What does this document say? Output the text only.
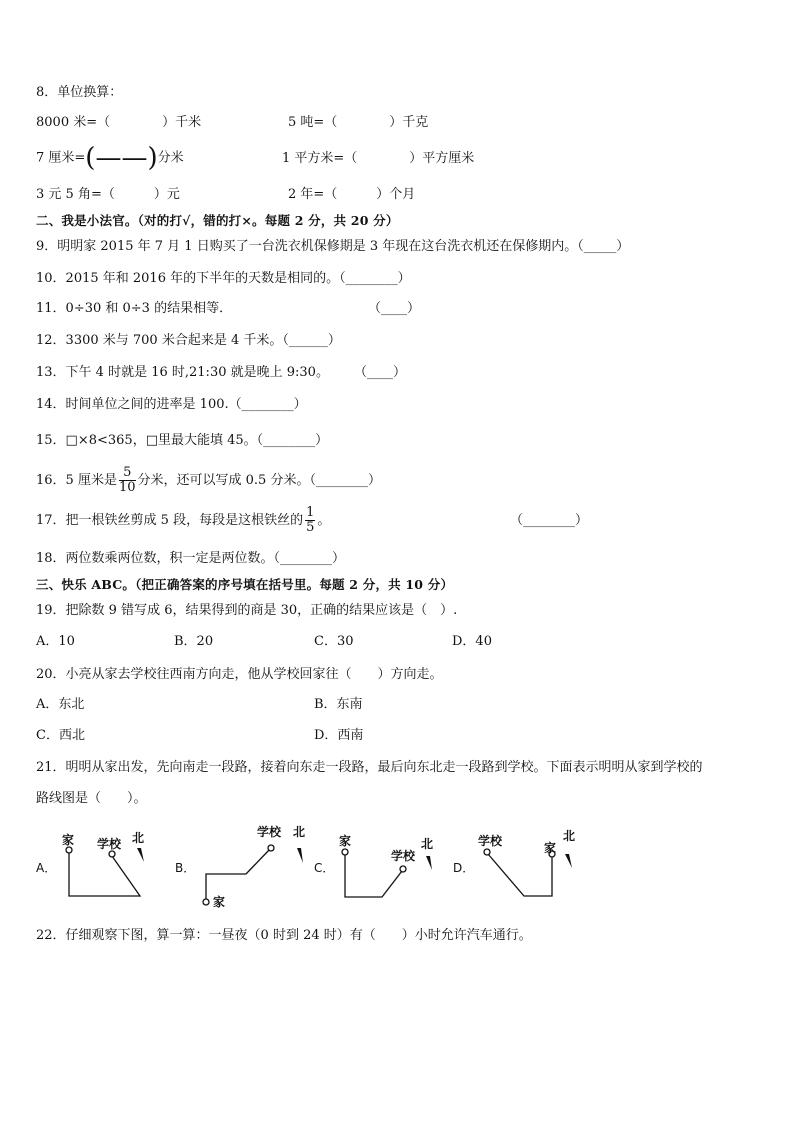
8．单位换算：
8000 米=（　　　　）千米	5 吨=（　　　　）千克
7 厘米=(——)分米	1 平方米=（　　　　）平方厘米
3 元 5 角=（　　　）元	2 年=（　　　）个月
二、我是小法官。（对的打√，错的打×。每题 2 分，共 20 分）
9．明明家 2015 年 7 月 1 日购买了一台洗衣机保修期是 3 年现在这台洗衣机还在保修期内。（_____）
10．2015 年和 2016 年的下半年的天数是相同的。（________）
11．0÷30 和 0÷3 的结果相等．	（____）
12．3300 米与 700 米合起来是 4 千米。（______）
13．下午 4 时就是 16 时,21:30 就是晚上 9:30。 （____）
14．时间单位之间的进率是 100.（________）
15．□×8<365，□里最大能填 45。（________）
16．5 厘米是 $\frac{5}{10}$ 分米，还可以写成 0.5 分米。（________）
17．把一根铁丝剪成 5 段，每段是这根铁丝的 $\frac{1}{5}$ 。	（________）
18．两位数乘两位数，积一定是两位数。（________）
三、快乐 ABC。（把正确答案的序号填在括号里。每题 2 分，共 10 分）
19．把除数 9 错写成 6，结果得到的商是 30，正确的结果应该是（　）.
A．10	B．20	C．30	D．40
20．小亮从家去学校往西南方向走，他从学校回家往（　　）方向走。
A．东北	B．东南
C．西北	D．西南
21．明明从家出发，先向南走一段路，接着向东走一段路，最后向东北走一段路到学校。下面表示明明从家到学校的
路线图是（　　）。
A．
家 学校 北
B．
家
学校 北
C．
家
学校
北
D．
学校	家
北
22．仔细观察下图，算一算：一昼夜（0 时到 24 时）有（　　）小时允许汽车通行。
